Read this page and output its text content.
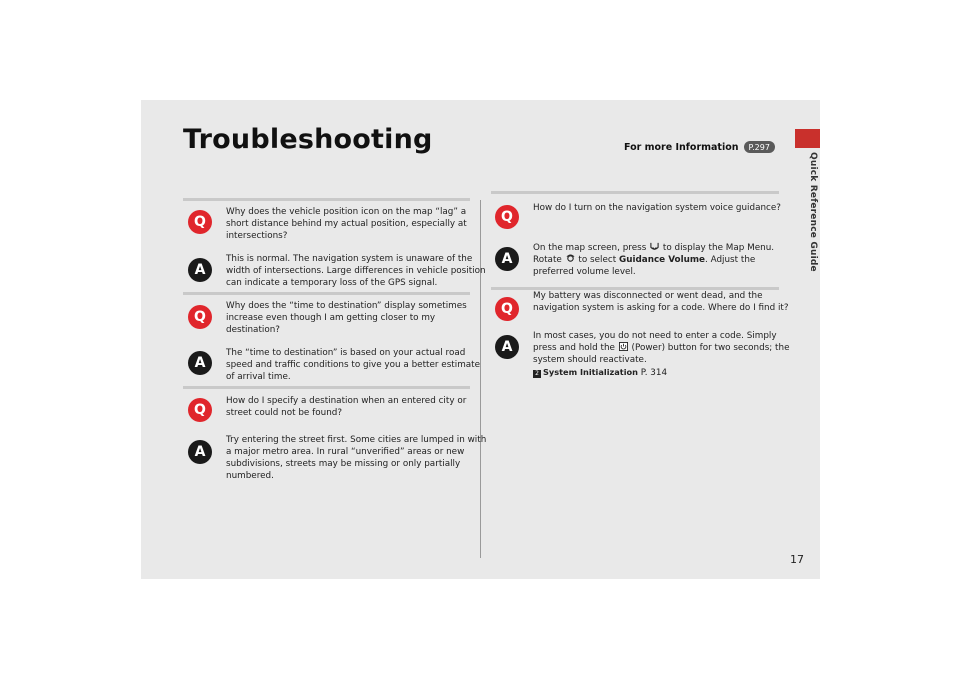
Quick Reference Guide
Troubleshooting	For more Information P.297
Q
Why does the vehicle position icon on the map “lag” a
short distance behind my actual position, especially at
intersections?
A
This is normal. The navigation system is unaware of the
width of intersections. Large differences in vehicle position
can indicate a temporary loss of the GPS signal.
Q
Why does the “time to destination” display sometimes
increase even though I am getting closer to my
destination?
A
The “time to destination” is based on your actual road
speed and traffic conditions to give you a better estimate
of arrival time.
Q
How do I specify a destination when an entered city or
street could not be found?
A
Try entering the street first. Some cities are lumped in with
a major metro area. In rural “unverified” areas or new
subdivisions, streets may be missing or only partially
numbered.
Q
How do I turn on the navigation system voice guidance?
A
On the map screen, press to display the Map Menu.
Rotate to select Guidance Volume. Adjust the
preferred volume level.
Q
My battery was disconnected or went dead, and the
navigation system is asking for a code. Where do I find it?
A
In most cases, you do not need to enter a code. Simply
press and hold the (Power) button for two seconds; the
system should reactivate.
2 System Initialization P. 314
17
